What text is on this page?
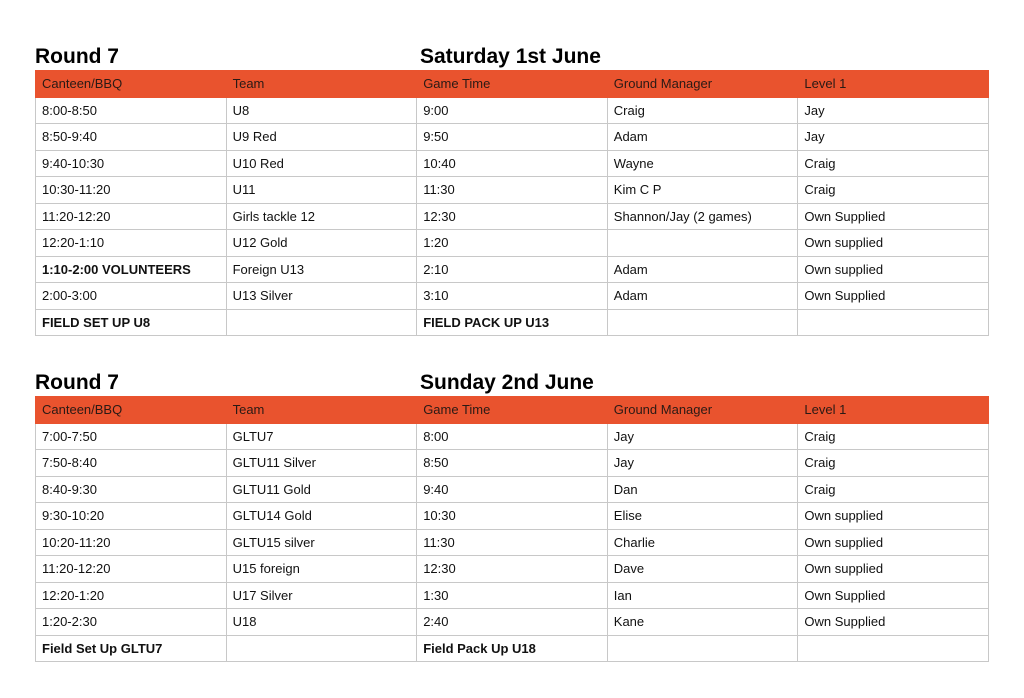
Round 7	Saturday 1st June
Canteen/BBQ	Team	Game Time	Ground Manager	Level 1
8:00-8:50	U8	9:00	Craig	Jay
8:50-9:40	U9 Red	9:50	Adam	Jay
9:40-10:30	U10 Red	10:40	Wayne	Craig
10:30-11:20	U11	11:30	Kim C P	Craig
11:20-12:20	Girls tackle 12	12:30	Shannon/Jay (2 games)	Own Supplied
12:20-1:10	U12 Gold	1:20		Own supplied
1:10-2:00 VOLUNTEERS	Foreign U13	2:10	Adam	Own supplied
2:00-3:00	U13 Silver	3:10	Adam	Own Supplied
FIELD SET UP U8		FIELD PACK UP U13		
Round 7	Sunday 2nd June
Canteen/BBQ	Team	Game Time	Ground Manager	Level 1
7:00-7:50	GLTU7	8:00	Jay	Craig
7:50-8:40	GLTU11 Silver	8:50	Jay	Craig
8:40-9:30	GLTU11 Gold	9:40	Dan	Craig
9:30-10:20	GLTU14 Gold	10:30	Elise	Own supplied
10:20-11:20	GLTU15 silver	11:30	Charlie	Own supplied
11:20-12:20	U15 foreign	12:30	Dave	Own supplied
12:20-1:20	U17 Silver	1:30	Ian	Own Supplied
1:20-2:30	U18	2:40	Kane	Own Supplied
Field Set Up GLTU7		Field Pack Up U18		
